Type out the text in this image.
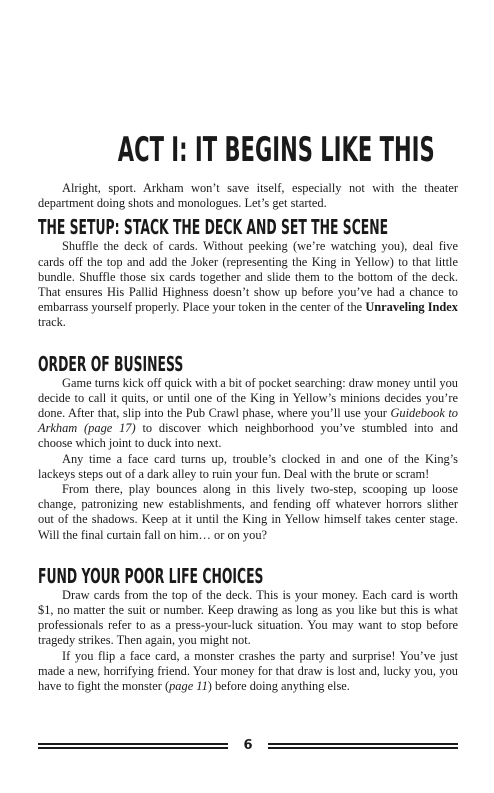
ACT I: IT BEGINS LIKE THIS

Alright, sport. Arkham won’t save itself, especially not with the theater department doing shots and monologues. Let’s get started.

THE SETUP: STACK THE DECK AND SET THE SCENE

Shuffle the deck of cards. Without peeking (we’re watching you), deal five cards off the top and add the Joker (representing the King in Yellow) to that little bundle. Shuffle those six cards together and slide them to the bottom of the deck. That ensures His Pallid Highness doesn’t show up before you’ve had a chance to embarrass yourself properly. Place your token in the center of the Unraveling Index track.

ORDER OF BUSINESS

Game turns kick off quick with a bit of pocket searching: draw money until you decide to call it quits, or until one of the King in Yellow’s minions decides you’re done. After that, slip into the Pub Crawl phase, where you’ll use your Guidebook to Arkham (page 17) to discover which neighborhood you’ve stumbled into and choose which joint to duck into next.

Any time a face card turns up, trouble’s clocked in and one of the King’s lackeys steps out of a dark alley to ruin your fun. Deal with the brute or scram!

From there, play bounces along in this lively two-step, scooping up loose change, patronizing new establishments, and fending off whatever horrors slither out of the shadows. Keep at it until the King in Yellow himself takes center stage. Will the final curtain fall on him… or on you?

FUND YOUR POOR LIFE CHOICES

Draw cards from the top of the deck. This is your money. Each card is worth $1, no matter the suit or number. Keep drawing as long as you like but this is what professionals refer to as a press-your-luck situation. You may want to stop before tragedy strikes. Then again, you might not.

If you flip a face card, a monster crashes the party and surprise! You’ve just made a new, horrifying friend. Your money for that draw is lost and, lucky you, you have to fight the monster (page 11) before doing anything else.

6
